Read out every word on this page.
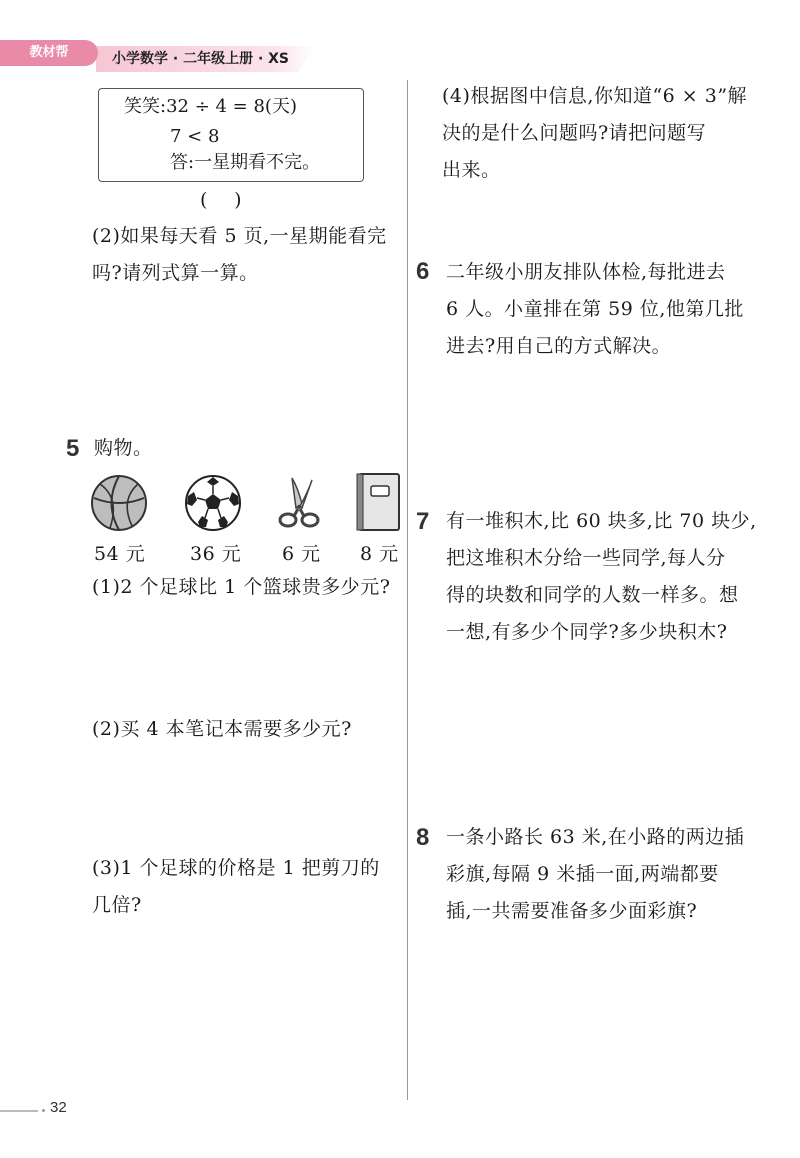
教材帮	小学数学 · 二年级上册 · XS
笑笑:32 ÷ 4 = 8(天)
7 < 8
答:一星期看不完。
(    )
(2)如果每天看 5 页,一星期能看完
吗?请列式算一算。
5 购物。
54 元 36 元 6 元 8 元
(1)2 个足球比 1 个篮球贵多少元?
(2)买 4 本笔记本需要多少元?
(3)1 个足球的价格是 1 把剪刀的
几倍?
(4)根据图中信息,你知道“6 × 3”解
决的是什么问题吗?请把问题写
出来。
6 二年级小朋友排队体检,每批进去
6 人。小童排在第 59 位,他第几批
进去?用自己的方式解决。
7 有一堆积木,比 60 块多,比 70 块少,
把这堆积木分给一些同学,每人分
得的块数和同学的人数一样多。想
一想,有多少个同学?多少块积木?
8 一条小路长 63 米,在小路的两边插
彩旗,每隔 9 米插一面,两端都要
插,一共需要准备多少面彩旗?
32
